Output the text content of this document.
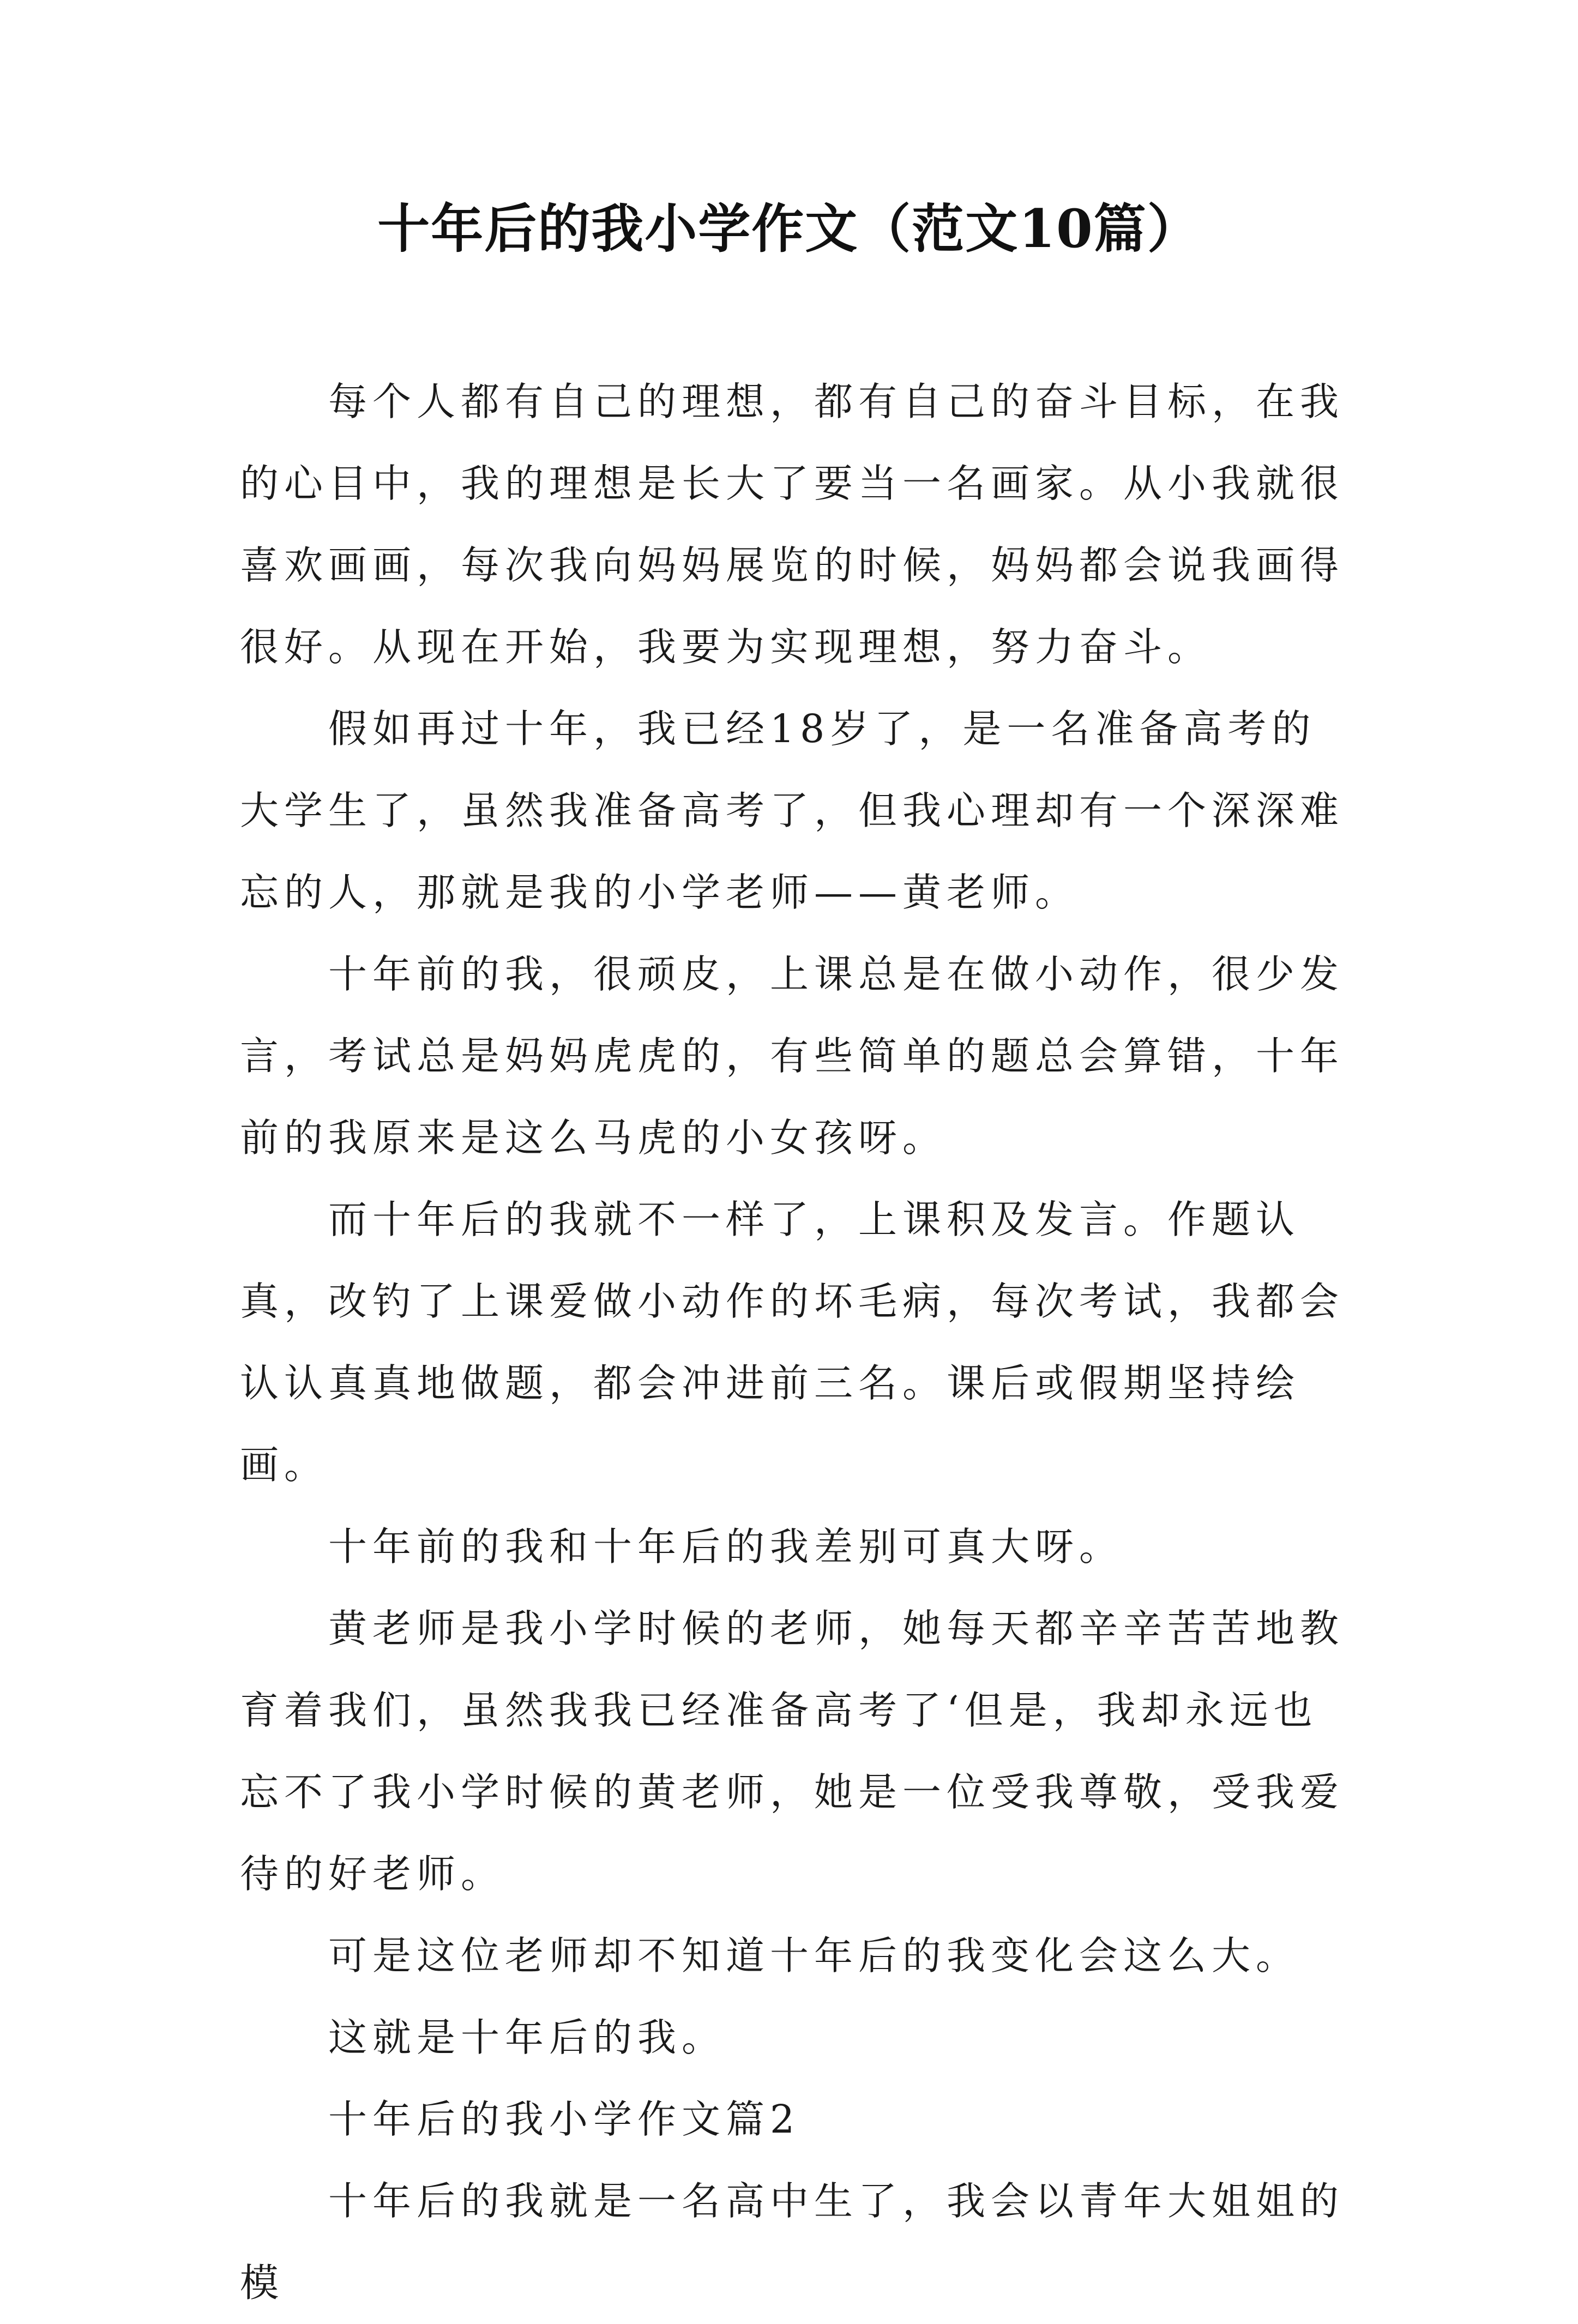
十年后的我小学作文（范文10篇）

每个人都有自己的理想，都有自己的奋斗目标，在我的心目中，我的理想是长大了要当一名画家。从小我就很喜欢画画，每次我向妈妈展览的时候，妈妈都会说我画得很好。从现在开始，我要为实现理想，努力奋斗。

假如再过十年，我已经18岁了，是一名准备高考的大学生了，虽然我准备高考了，但我心理却有一个深深难忘的人，那就是我的小学老师——黄老师。

十年前的我，很顽皮，上课总是在做小动作，很少发言，考试总是妈妈虎虎的，有些简单的题总会算错，十年前的我原来是这么马虎的小女孩呀。

而十年后的我就不一样了，上课积及发言。作题认真，改钓了上课爱做小动作的坏毛病，每次考试，我都会认认真真地做题，都会冲进前三名。课后或假期坚持绘画。

十年前的我和十年后的我差别可真大呀。

黄老师是我小学时候的老师，她每天都辛辛苦苦地教育着我们，虽然我我已经准备高考了‘但是，我却永远也忘不了我小学时候的黄老师，她是一位受我尊敬，受我爱待的好老师。

可是这位老师却不知道十年后的我变化会这么大。

这就是十年后的我。

十年后的我小学作文篇2

十年后的我就是一名高中生了，我会以青年大姐姐的模
